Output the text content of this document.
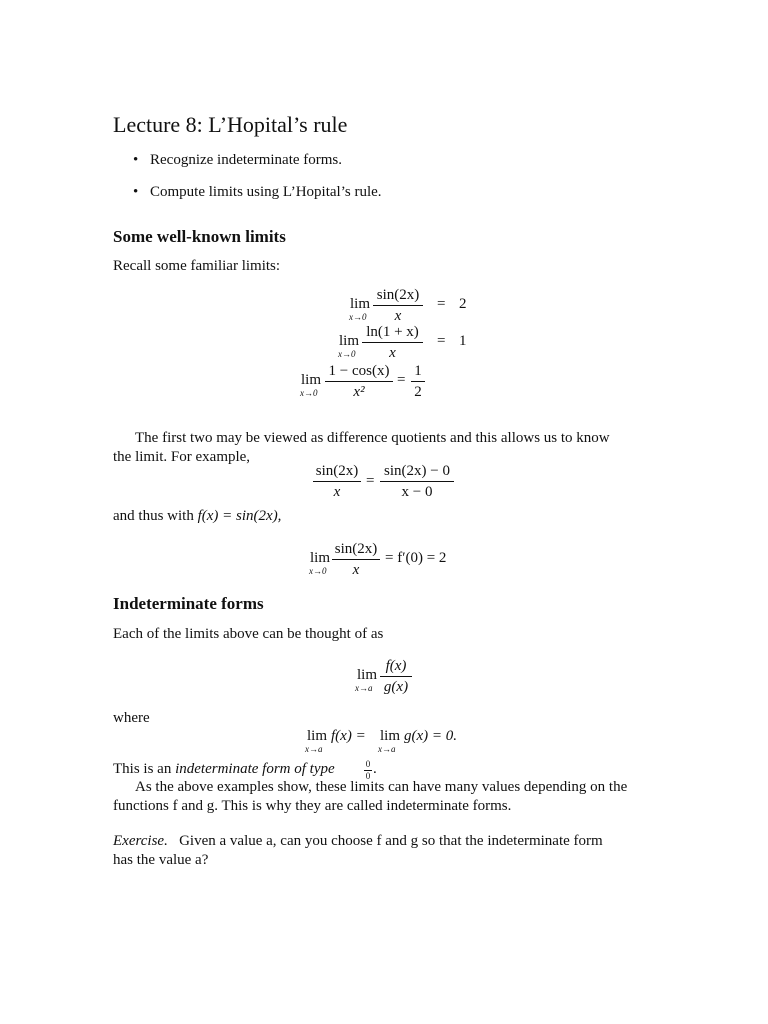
Lecture 8: L’Hopital’s rule
• Recognize indeterminate forms.
• Compute limits using L’Hopital’s rule.
Some well-known limits
Recall some familiar limits:
lim
x→0
sin(2x)
x
= 2
lim
x→0
ln(1 + x)
x
= 1
lim
x→0
1 − cos(x)
x²
=
1
2
The first two may be viewed as difference quotients and this allows us to know
the limit. For example,
sin(2x)
x
=
sin(2x) − 0
x − 0
and thus with f(x) = sin(2x),
lim
x→0
sin(2x)
x
= f′(0) = 2
Indeterminate forms
Each of the limits above can be thought of as
lim
x→a
f(x)
g(x)
where
lim
x→a
f(x) = lim
x→a
g(x) = 0.
This is an indeterminate form of type	0
0 .
As the above examples show, these limits can have many values depending on the
functions f and g. This is why they are called indeterminate forms.
Exercise. Given a value a, can you choose f and g so that the indeterminate form
has the value a?
